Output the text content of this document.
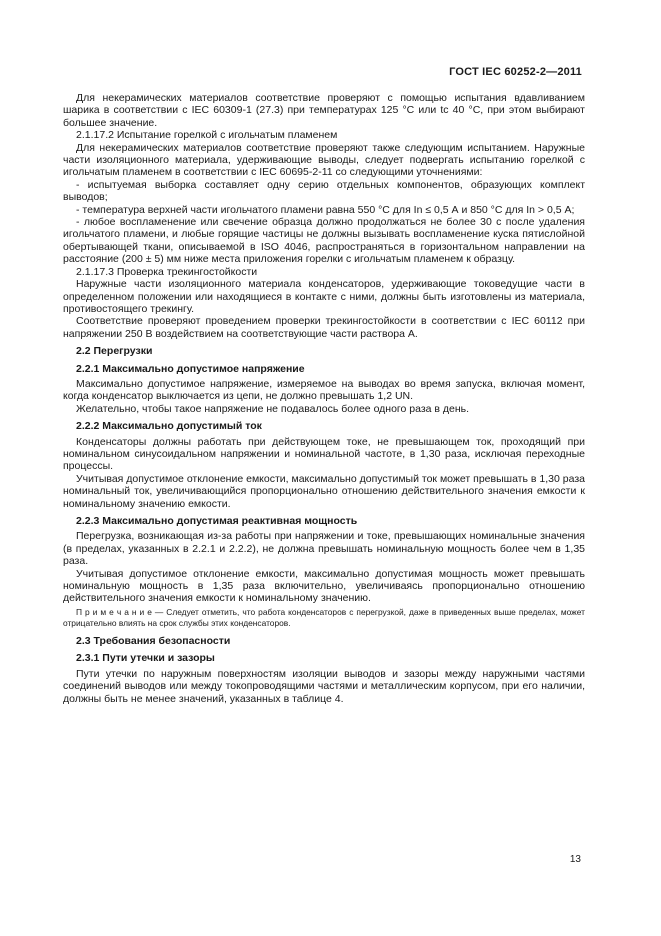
ГОСТ IEC 60252-2—2011

Для некерамических материалов соответствие проверяют с помощью испытания вдавливанием шарика в соответствии с IEC 60309-1 (27.3) при температурах 125 °С или tc 40 °С, при этом выбирают большее значение.

2.1.17.2 Испытание горелкой с игольчатым пламенем

Для некерамических материалов соответствие проверяют также следующим испытанием. Наружные части изоляционного материала, удерживающие выводы, следует подвергать испытанию горелкой с игольчатым пламенем в соответствии с IEC 60695-2-11 со следующими уточнениями:

- испытуемая выборка составляет одну серию отдельных компонентов, образующих комплект выводов;

- температура верхней части игольчатого пламени равна 550 °С для In ≤ 0,5 А и 850 °С для In > 0,5 А;

- любое воспламенение или свечение образца должно продолжаться не более 30 с после удаления игольчатого пламени, и любые горящие частицы не должны вызывать воспламенение куска пятислойной обертывающей ткани, описываемой в ISO 4046, распространяться в горизонтальном направлении на расстояние (200 ± 5) мм ниже места приложения горелки с игольчатым пламенем к образцу.

2.1.17.3 Проверка трекингостойкости

Наружные части изоляционного материала конденсаторов, удерживающие токоведущие части в определенном положении или находящиеся в контакте с ними, должны быть изготовлены из материала, противостоящего трекингу.

Соответствие проверяют проведением проверки трекингостойкости в соответствии с IEC 60112 при напряжении 250 В воздействием на соответствующие части раствора А.

2.2 Перегрузки

2.2.1 Максимально допустимое напряжение

Максимально допустимое напряжение, измеряемое на выводах во время запуска, включая момент, когда конденсатор выключается из цепи, не должно превышать 1,2 UN.

Желательно, чтобы такое напряжение не подавалось более одного раза в день.

2.2.2 Максимально допустимый ток

Конденсаторы должны работать при действующем токе, не превышающем ток, проходящий при номинальном синусоидальном напряжении и номинальной частоте, в 1,30 раза, исключая переходные процессы.

Учитывая допустимое отклонение емкости, максимально допустимый ток может превышать в 1,30 раза номинальный ток, увеличивающийся пропорционально отношению действительного значения емкости к номинальному значению емкости.

2.2.3 Максимально допустимая реактивная мощность

Перегрузка, возникающая из-за работы при напряжении и токе, превышающих номинальные значения (в пределах, указанных в 2.2.1 и 2.2.2), не должна превышать номинальную мощность более чем в 1,35 раза.

Учитывая допустимое отклонение емкости, максимально допустимая мощность может превышать номинальную мощность в 1,35 раза включительно, увеличиваясь пропорционально отношению действительного значения емкости к номинальному значению.

П р и м е ч а н и е — Следует отметить, что работа конденсаторов с перегрузкой, даже в приведенных выше пределах, может отрицательно влиять на срок службы этих конденсаторов.

2.3 Требования безопасности

2.3.1 Пути утечки и зазоры

Пути утечки по наружным поверхностям изоляции выводов и зазоры между наружными частями соединений выводов или между токопроводящими частями и металлическим корпусом, при его наличии, должны быть не менее значений, указанных в таблице 4.

13
